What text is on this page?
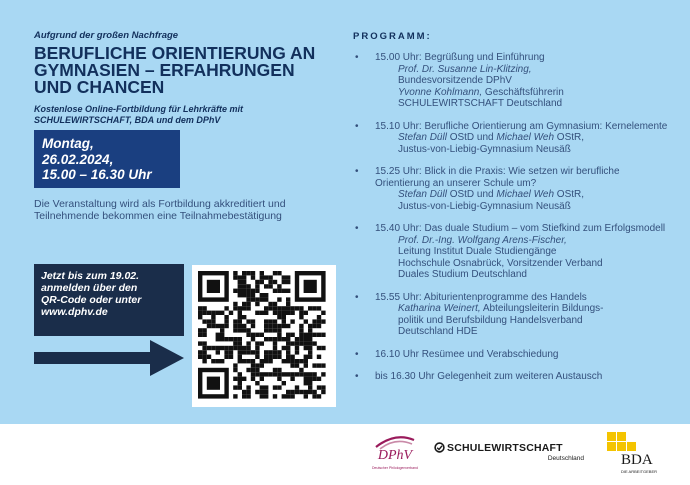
Aufgrund der großen Nachfrage
BERUFLICHE ORIENTIERUNG AN GYMNASIEN – ERFAHRUNGEN UND CHANCEN
Kostenlose Online-Fortbildung für Lehrkräfte mit SCHULEWIRTSCHAFT, BDA und dem DPhV
Montag,
26.02.2024,
15.00 – 16.30 Uhr
Die Veranstaltung wird als Fortbildung akkreditiert und Teilnehmende bekommen eine Teilnahmebestätigung
Jetzt bis zum 19.02.
anmelden über den
QR-Code oder unter
www.dphv.de
PROGRAMM:
• 15.00 Uhr: Begrüßung und Einführung
Prof. Dr. Susanne Lin-Klitzing,
Bundesvorsitzende DPhV
Yvonne Kohlmann, Geschäftsführerin
SCHULEWIRTSCHAFT Deutschland
• 15.10 Uhr: Berufliche Orientierung am Gymnasium: Kernelemente
Stefan Düll OStD und Michael Weh OStR,
Justus-von-Liebig-Gymnasium Neusäß
• 15.25 Uhr: Blick in die Praxis: Wie setzen wir berufliche Orientierung an unserer Schule um?
Stefan Düll OStD und Michael Weh OStR,
Justus-von-Liebig-Gymnasium Neusäß
• 15.40 Uhr: Das duale Studium – vom Stiefkind zum Erfolgsmodell
Prof. Dr.-Ing. Wolfgang Arens-Fischer,
Leitung Institut Duale Studiengänge
Hochschule Osnabrück, Vorsitzender Verband
Duales Studium Deutschland
• 15.55 Uhr: Abiturientenprogramme des Handels
Katharina Weinert, Abteilungsleiterin Bildungs-
politik und Berufsbildung Handelsverband
Deutschland HDE
• 16.10 Uhr Resümee und Verabschiedung
• bis 16.30 Uhr Gelegenheit zum weiteren Austausch
DPhV
Deutscher Philologenverband
SCHULEWIRTSCHAFT
Deutschland BDA
DIE ARBEITGEBER
